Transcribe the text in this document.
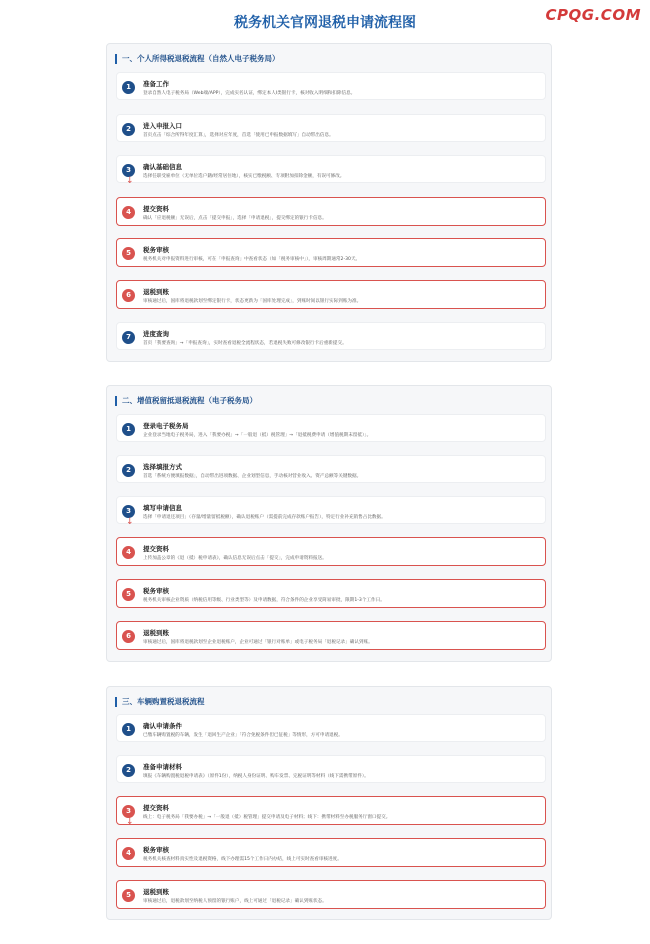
税务机关官网退税申请流程图	CPQG.COM
一、个人所得税退税流程（自然人电子税务局）
1	准备工作
登录自然人电子税务局（Web端/APP），完成实名认证，绑定本人Ⅰ类银行卡，核对收入明细和扣除信息。
2	进入申报入口
首页点击「综合所得年度汇算」，选择对应年度，首选「使用已申报数据填写」自动带出信息。
3
↓
确认基础信息
选择任职受雇单位（无单位选户籍/经常居住地），核实已缴税额、专项附加扣除金额，有误可修改。
4	提交资料
确认「应退税额」无误后，点击「提交申报」，选择「申请退税」，提交绑定的银行卡信息。
5	税务审核
税务机关对申报资料进行审核，可在「申报查询」中查看状态（如「税务审核中」），审核周期通常2-30天。
6	退税到账
审核通过后，国库将退税款划至绑定银行卡，状态更新为「国库处理完成」，到账时间以银行实际到账为准。
7	进度查询
首页「我要查询」→「申报查询」，实时查看退税全流程状态，若退税失败可修改银行卡后重新提交。
二、增值税留抵退税流程（电子税务局）
1	登录电子税务局
企业登录当地电子税务局，进入「我要办税」→「一般退（抵）税管理」→「退抵税费申请（增值税期末留抵）」。
2	选择填报方式
首选「系统方便填报数据」，自动带出进项数据、企业划型信息，手动核对营业收入、资产总额等关键数据。
3
↓
填写申请信息
选择「申请退还项目」（存量/增量留抵税额），确认退税账户（需提前完成存款账户报告），特定行业补充销售占比数据。
4	提交资料
上传加盖公章的《退（抵）税申请表》，确认信息无误后点击「提交」，完成申请资料报送。
5	税务审核
税务机关审核企业资质（纳税信用等级、行业类型等）及申请数据，符合条件的企业享受简易审批，限期1-3个工作日。
6	退税到账
审核通过后，国库将退税款划至企业退税账户，企业可通过「银行对账单」或电子税务局「退税记录」确认到账。
三、车辆购置税退税流程
1	确认申请条件
已缴车辆购置税的车辆，发生「退回生产企业」「符合免税条件但已征税」等情形，方可申请退税。
2	准备申请材料
填报《车辆购置税退税申请表》（原件1份），纳税人身份证明、购车发票、完税证明等材料（线下需携带原件）。
3
↓
提交资料
线上：电子税务局「我要办税」→「一般退（抵）税管理」提交申请及电子材料；线下：携带材料至办税服务厅窗口提交。
4	税务审核
税务机关核查材料真实性及退税资格，线下办理需15个工作日内办结，线上可实时查看审核进度。
5	退税到账
审核通过后，退税款划至纳税人预留的银行账户，线上可通过「退税记录」确认到账状态。
